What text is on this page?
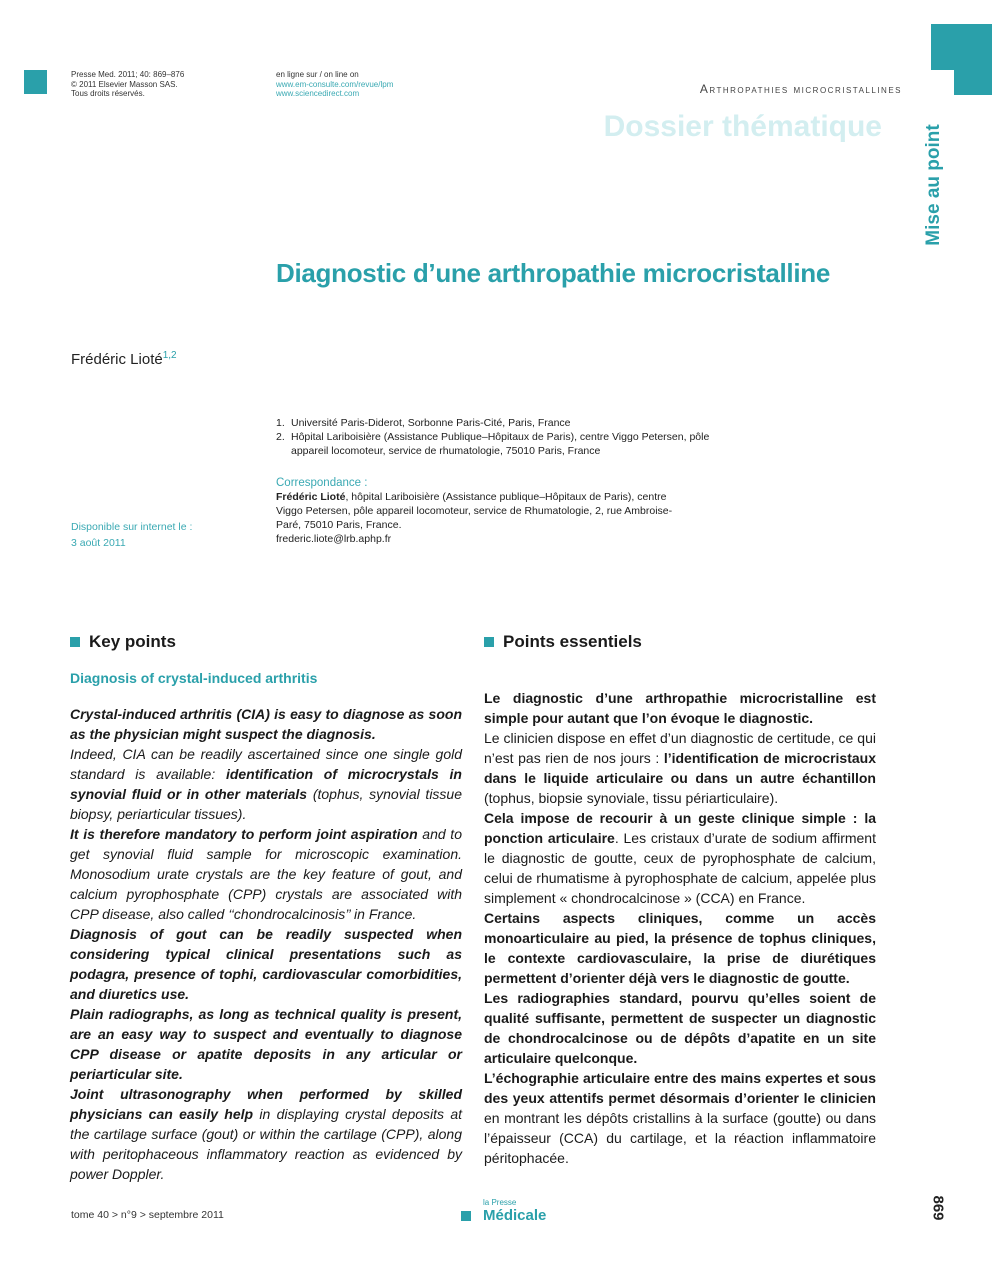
Presse Med. 2011; 40: 869–876
© 2011 Elsevier Masson SAS.
Tous droits réservés.
en ligne sur / on line on
www.em-consulte.com/revue/lpm
www.sciencedirect.com	Arthropathies microcristallines
Dossier thématique Mise au point
Diagnostic d’une arthropathie microcristalline
Frédéric Lioté$^{1,2}$
1. Université Paris-Diderot, Sorbonne Paris-Cité, Paris, France
2. Hôpital Lariboisière (Assistance Publique–Hôpitaux de Paris), centre Viggo Petersen, pôle appareil locomoteur, service de rhumatologie, 75010 Paris, France
Correspondance :
Frédéric Lioté, hôpital Lariboisière (Assistance publique–Hôpitaux de Paris), centre Viggo Petersen, pôle appareil locomoteur, service de Rhumatologie, 2, rue Ambroise-Paré, 75010 Paris, France.
frederic.liote@lrb.aphp.fr
Disponible sur internet le :
3 août 2011
Key points
Diagnosis of crystal-induced arthritis

Crystal-induced arthritis (CIA) is easy to diagnose as soon as the physician might suspect the diagnosis.

Indeed, CIA can be readily ascertained since one single gold standard is available: identification of microcrystals in synovial fluid or in other materials (tophus, synovial tissue biopsy, periarticular tissues).

It is therefore mandatory to perform joint aspiration and to get synovial fluid sample for microscopic examination. Monosodium urate crystals are the key feature of gout, and calcium pyrophosphate (CPP) crystals are associated with CPP disease, also called ‘‘chondrocalcinosis’’ in France.

Diagnosis of gout can be readily suspected when considering typical clinical presentations such as podagra, presence of tophi, cardiovascular comorbidities, and diuretics use.

Plain radiographs, as long as technical quality is present, are an easy way to suspect and eventually to diagnose CPP disease or apatite deposits in any articular or periarticular site.

Joint ultrasonography when performed by skilled physicians can easily help in displaying crystal deposits at the cartilage surface (gout) or within the cartilage (CPP), along with peritophaceous inflammatory reaction as evidenced by power Doppler.

Points essentiels

Le diagnostic d’une arthropathie microcristalline est simple pour autant que l’on évoque le diagnostic.

Le clinicien dispose en effet d’un diagnostic de certitude, ce qui n’est pas rien de nos jours : l’identification de microcristaux dans le liquide articulaire ou dans un autre échantillon (tophus, biopsie synoviale, tissu périarticulaire).

Cela impose de recourir à un geste clinique simple : la ponction articulaire. Les cristaux d’urate de sodium affirment le diagnostic de goutte, ceux de pyrophosphate de calcium, celui de rhumatisme à pyrophosphate de calcium, appelée plus simplement « chondrocalcinose » (CCA) en France.

Certains aspects cliniques, comme un accès monoarticulaire au pied, la présence de tophus cliniques, le contexte cardiovasculaire, la prise de diurétiques permettent d’orienter déjà vers le diagnostic de goutte.

Les radiographies standard, pourvu qu’elles soient de qualité suffisante, permettent de suspecter un diagnostic de chondrocalcinose ou de dépôts d’apatite en un site articulaire quelconque.

L’échographie articulaire entre des mains expertes et sous des yeux attentifs permet désormais d’orienter le clinicien en montrant les dépôts cristallins à la surface (goutte) ou dans l’épaisseur (CCA) du cartilage, et la réaction inflammatoire péritophacée.

tome 40 > n°9 > septembre 2011
la Presse
Médicale	869
